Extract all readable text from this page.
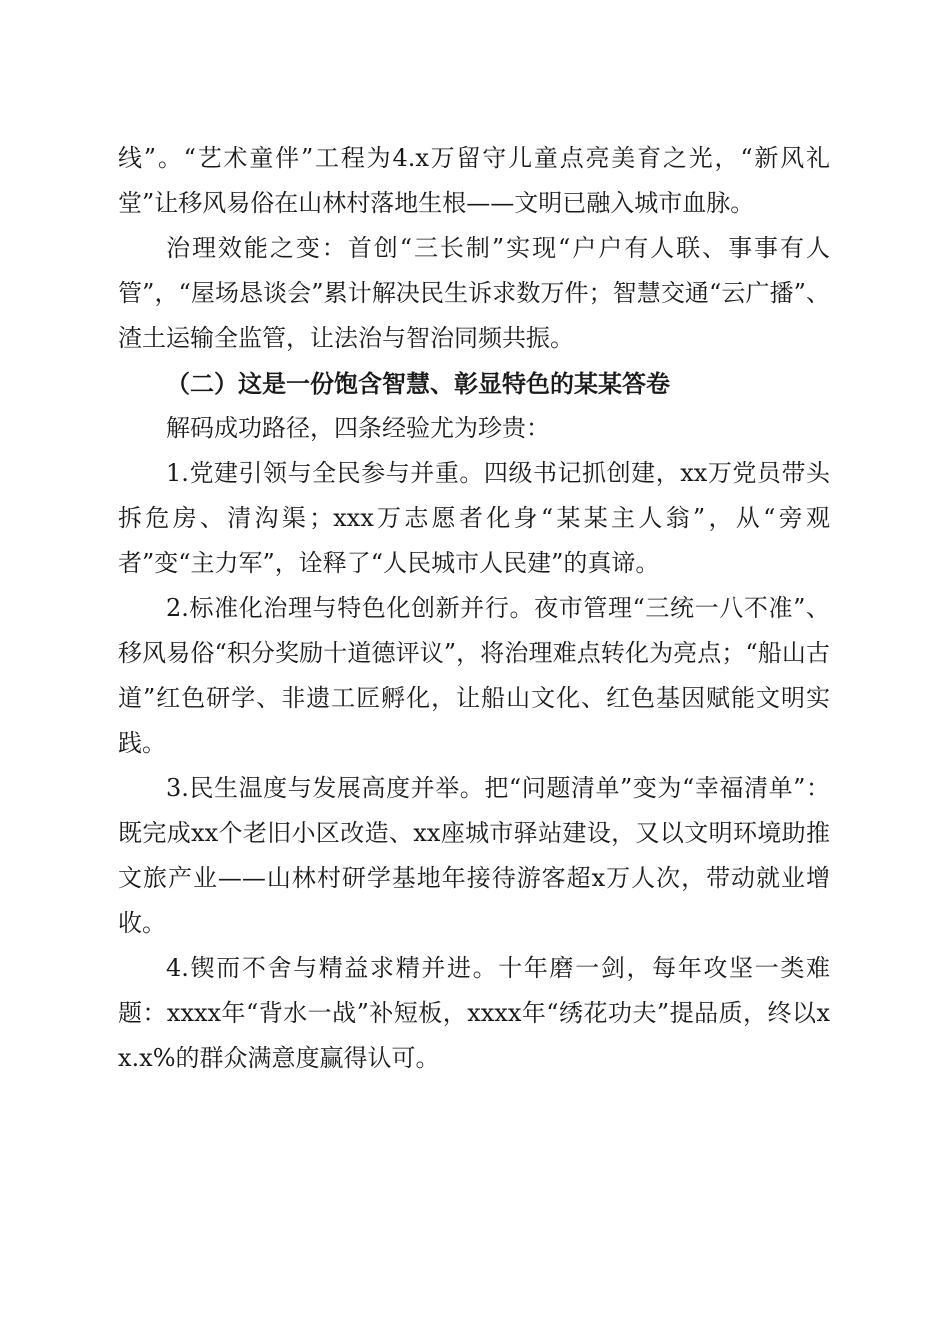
线”。“艺术童伴”工程为4.x万留守儿童点亮美育之光，“新风礼堂”让移风易俗在山林村落地生根——文明已融入城市血脉。

治理效能之变：首创“三长制”实现“户户有人联、事事有人管”，“屋场恳谈会”累计解决民生诉求数万件；智慧交通“云广播”、渣土运输全监管，让法治与智治同频共振。

（二）这是一份饱含智慧、彰显特色的某某答卷

解码成功路径，四条经验尤为珍贵：

1.党建引领与全民参与并重。四级书记抓创建，xx万党员带头拆危房、清沟渠；xxx万志愿者化身“某某主人翁”，从“旁观者”变“主力军”，诠释了“人民城市人民建”的真谛。

2.标准化治理与特色化创新并行。夜市管理“三统一八不准”、移风易俗“积分奖励十道德评议”，将治理难点转化为亮点；“船山古道”红色研学、非遗工匠孵化，让船山文化、红色基因赋能文明实践。

3.民生温度与发展高度并举。把“问题清单”变为“幸福清单”：既完成xx个老旧小区改造、xx座城市驿站建设，又以文明环境助推文旅产业——山林村研学基地年接待游客超x万人次，带动就业增收。

4.锲而不舍与精益求精并进。十年磨一剑，每年攻坚一类难题：xxxx年“背水一战”补短板，xxxx年“绣花功夫”提品质，终以xx.x%的群众满意度赢得认可。
